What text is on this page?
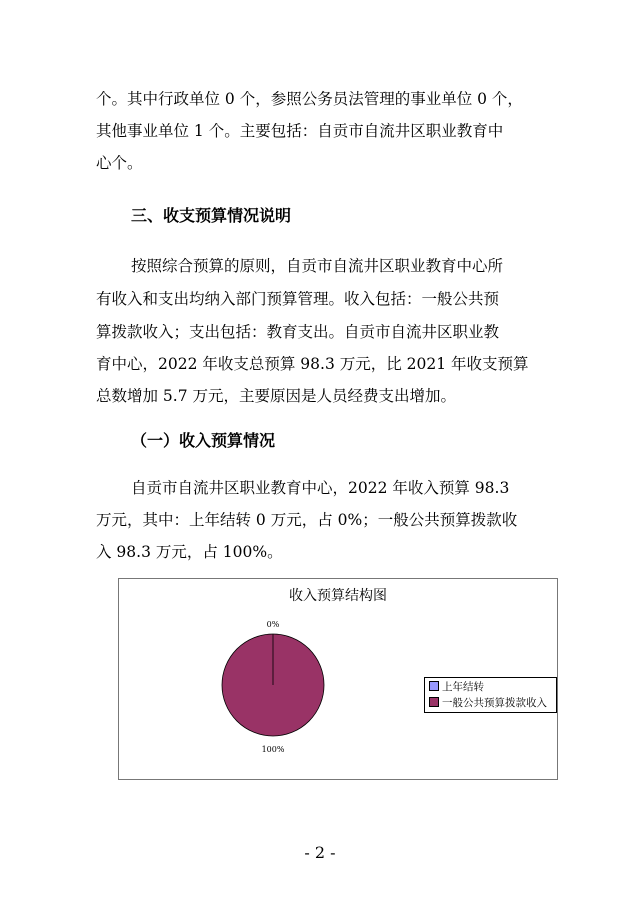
个。其中行政单位 0 个，参照公务员法管理的事业单位 0 个，

其他事业单位 1 个。主要包括：自贡市自流井区职业教育中

心个。

三、收支预算情况说明

按照综合预算的原则，自贡市自流井区职业教育中心所

有收入和支出均纳入部门预算管理。收入包括：一般公共预

算拨款收入；支出包括：教育支出。自贡市自流井区职业教

育中心，2022 年收支总预算 98.3 万元，比 2021 年收支预算

总数增加 5.7 万元，主要原因是人员经费支出增加。

（一）收入预算情况

自贡市自流井区职业教育中心，2022 年收入预算 98.3

万元，其中：上年结转 0 万元，占 0%；一般公共预算拨款收

入 98.3 万元，占 100%。

收入预算结构图
0%
100%
上年结转
一般公共预算拨款收入
- 2 -
